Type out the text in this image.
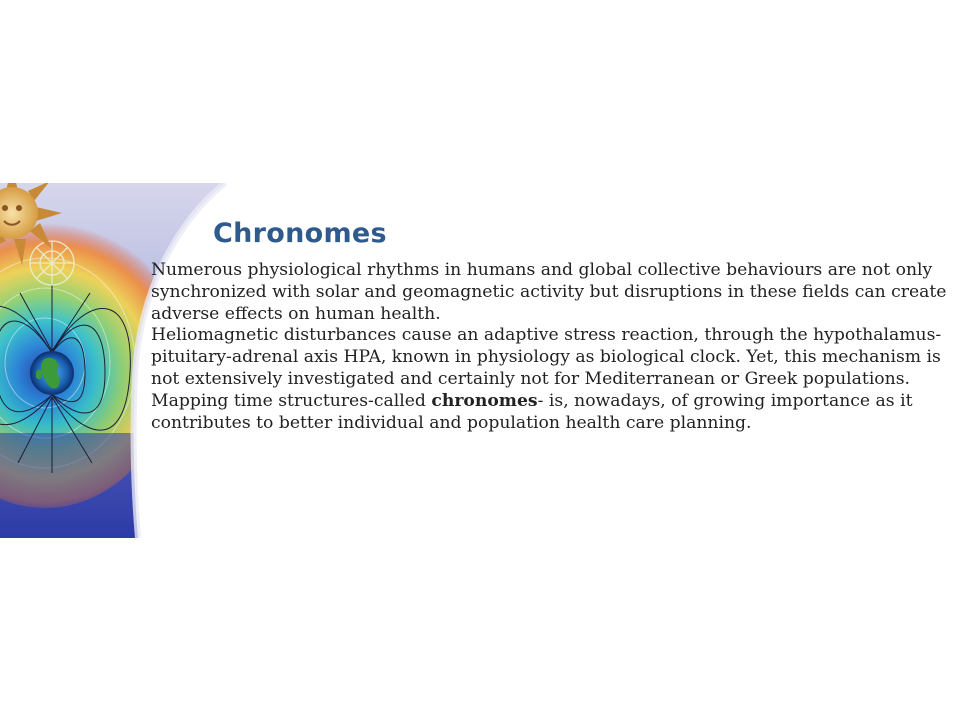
Chronomes
Numerous physiological rhythms in humans and global collective behaviours are not only synchronized with solar and geomagnetic activity but disruptions in these fields can create adverse effects on human health.
Heliomagnetic disturbances cause an adaptive stress reaction, through the hypothalamus-pituitary-adrenal axis HPA, known in physiology as biological clock. Yet, this mechanism is not extensively investigated and certainly not for Mediterranean or Greek populations.
Mapping time structures-called chronomes- is, nowadays, of growing importance as it contributes to better individual and population health care planning.
